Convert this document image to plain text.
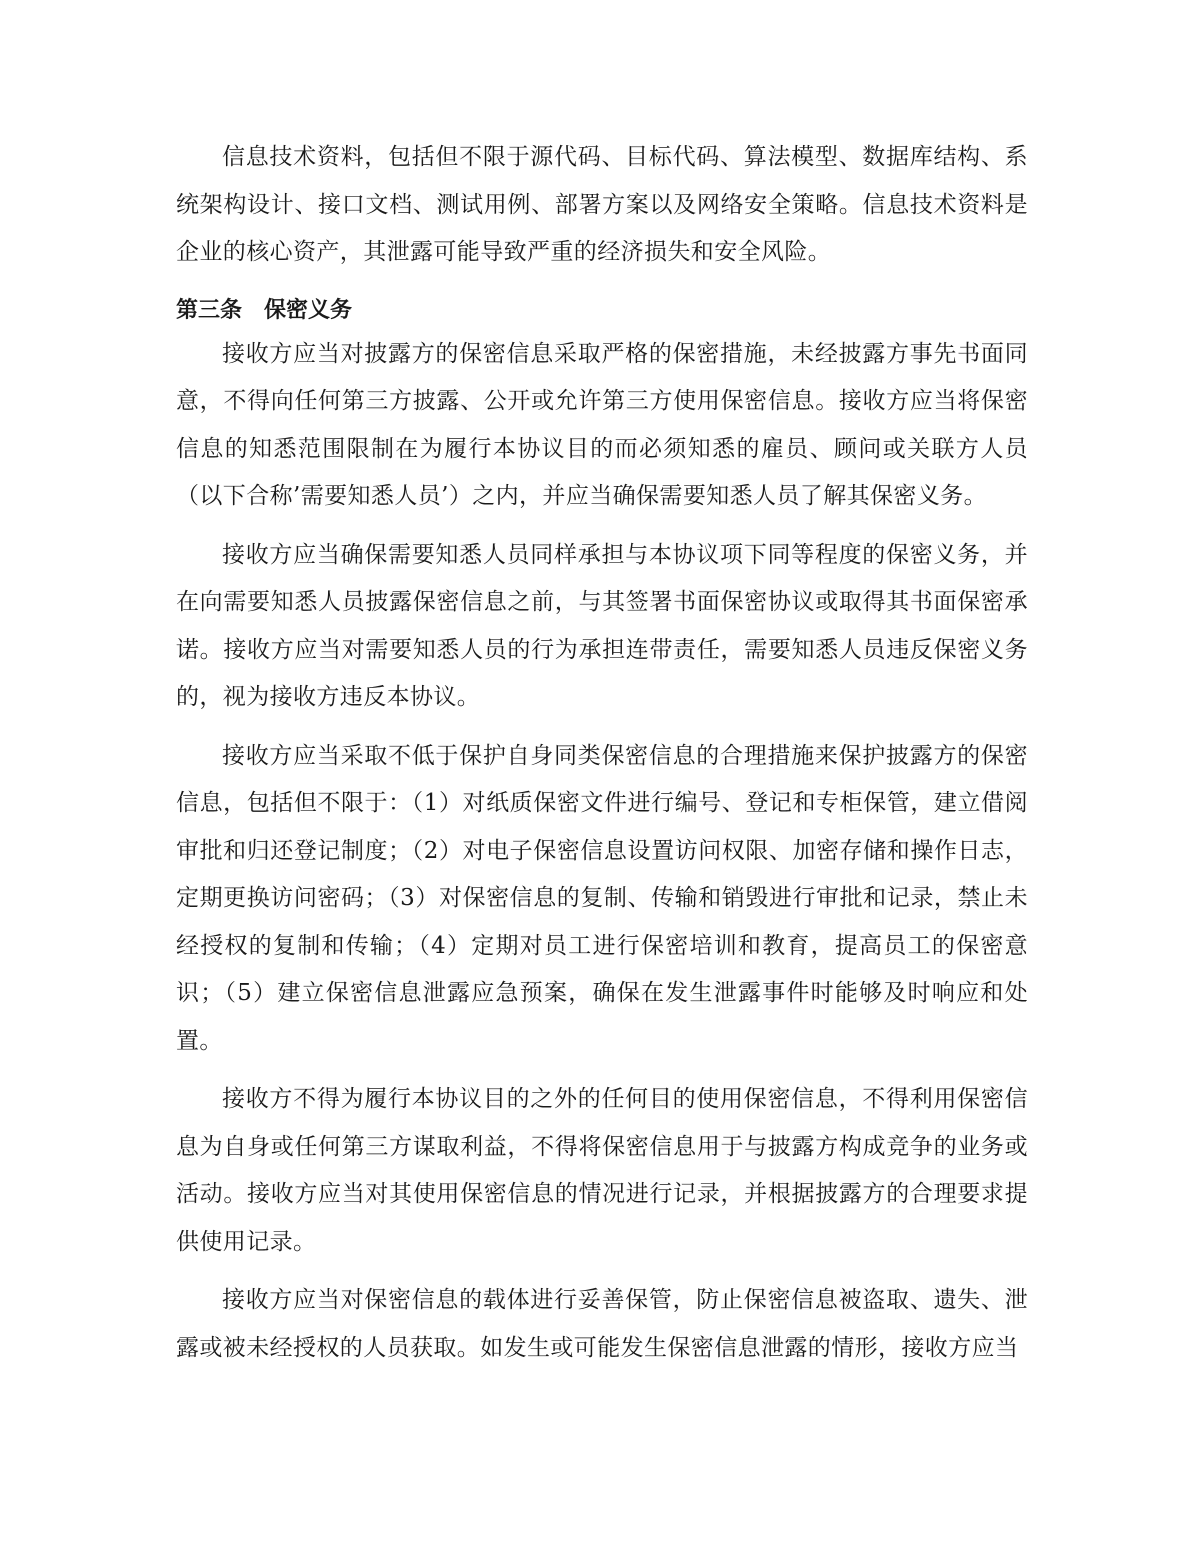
信息技术资料，包括但不限于源代码、目标代码、算法模型、数据库结构、系统架构设计、接口文档、测试用例、部署方案以及网络安全策略。信息技术资料是企业的核心资产，其泄露可能导致严重的经济损失和安全风险。

第三条　保密义务

接收方应当对披露方的保密信息采取严格的保密措施，未经披露方事先书面同意，不得向任何第三方披露、公开或允许第三方使用保密信息。接收方应当将保密信息的知悉范围限制在为履行本协议目的而必须知悉的雇员、顾问或关联方人员（以下合称’需要知悉人员’）之内，并应当确保需要知悉人员了解其保密义务。

接收方应当确保需要知悉人员同样承担与本协议项下同等程度的保密义务，并在向需要知悉人员披露保密信息之前，与其签署书面保密协议或取得其书面保密承诺。接收方应当对需要知悉人员的行为承担连带责任，需要知悉人员违反保密义务的，视为接收方违反本协议。

接收方应当采取不低于保护自身同类保密信息的合理措施来保护披露方的保密信息，包括但不限于：（1）对纸质保密文件进行编号、登记和专柜保管，建立借阅审批和归还登记制度；（2）对电子保密信息设置访问权限、加密存储和操作日志，定期更换访问密码；（3）对保密信息的复制、传输和销毁进行审批和记录，禁止未经授权的复制和传输；（4）定期对员工进行保密培训和教育，提高员工的保密意识；（5）建立保密信息泄露应急预案，确保在发生泄露事件时能够及时响应和处置。

接收方不得为履行本协议目的之外的任何目的使用保密信息，不得利用保密信息为自身或任何第三方谋取利益，不得将保密信息用于与披露方构成竞争的业务或活动。接收方应当对其使用保密信息的情况进行记录，并根据披露方的合理要求提供使用记录。

接收方应当对保密信息的载体进行妥善保管，防止保密信息被盗取、遗失、泄露或被未经授权的人员获取。如发生或可能发生保密信息泄露的情形，接收方应当
